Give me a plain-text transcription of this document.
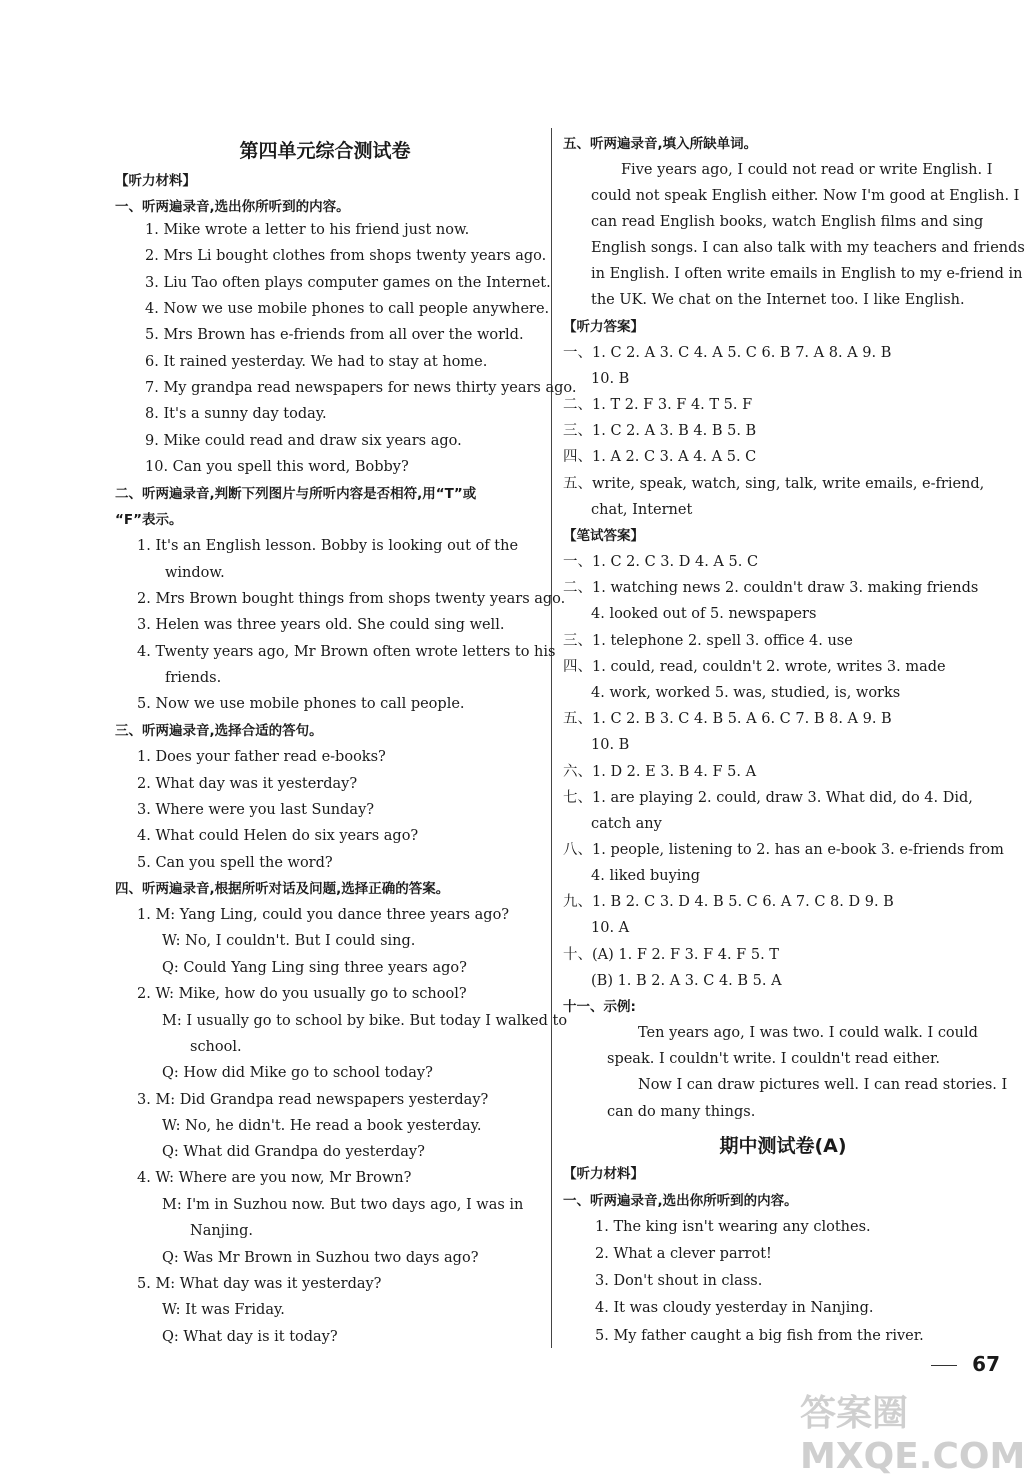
第四单元综合测试卷
【听力材料】
一、听两遍录音,选出你所听到的内容。
1. Mike wrote a letter to his friend just now.
2. Mrs Li bought clothes from shops twenty years ago.
3. Liu Tao often plays computer games on the Internet.
4. Now we use mobile phones to call people anywhere.
5. Mrs Brown has e-friends from all over the world.
6. It rained yesterday. We had to stay at home.
7. My grandpa read newspapers for news thirty years ago.
8. It's a sunny day today.
9. Mike could read and draw six years ago.
10. Can you spell this word, Bobby?
二、听两遍录音,判断下列图片与所听内容是否相符,用“T”或
“F”表示。
1. It's an English lesson. Bobby is looking out of the
window.
2. Mrs Brown bought things from shops twenty years ago.
3. Helen was three years old. She could sing well.
4. Twenty years ago, Mr Brown often wrote letters to his
friends.
5. Now we use mobile phones to call people.
三、听两遍录音,选择合适的答句。
1. Does your father read e-books?
2. What day was it yesterday?
3. Where were you last Sunday?
4. What could Helen do six years ago?
5. Can you spell the word?
四、听两遍录音,根据所听对话及问题,选择正确的答案。
1. M: Yang Ling, could you dance three years ago?
W: No, I couldn't. But I could sing.
Q: Could Yang Ling sing three years ago?
2. W: Mike, how do you usually go to school?
M: I usually go to school by bike. But today I walked to
school.
Q: How did Mike go to school today?
3. M: Did Grandpa read newspapers yesterday?
W: No, he didn't. He read a book yesterday.
Q: What did Grandpa do yesterday?
4. W: Where are you now, Mr Brown?
M: I'm in Suzhou now. But two days ago, I was in
Nanjing.
Q: Was Mr Brown in Suzhou two days ago?
5. M: What day was it yesterday?
W: It was Friday.
Q: What day is it today?
五、听两遍录音,填入所缺单词。
Five years ago, I could not read or write English. I
could not speak English either. Now I'm good at English. I
can read English books, watch English films and sing
English songs. I can also talk with my teachers and friends
in English. I often write emails in English to my e-friend in
the UK. We chat on the Internet too. I like English.
【听力答案】
一、1. C 2. A 3. C 4. A 5. C 6. B 7. A 8. A 9. B
10. B
二、1. T 2. F 3. F 4. T 5. F
三、1. C 2. A 3. B 4. B 5. B
四、1. A 2. C 3. A 4. A 5. C
五、write, speak, watch, sing, talk, write emails, e-friend,
chat, Internet
【笔试答案】
一、1. C 2. C 3. D 4. A 5. C
二、1. watching news 2. couldn't draw 3. making friends
4. looked out of 5. newspapers
三、1. telephone 2. spell 3. office 4. use
四、1. could, read, couldn't 2. wrote, writes 3. made
4. work, worked 5. was, studied, is, works
五、1. C 2. B 3. C 4. B 5. A 6. C 7. B 8. A 9. B
10. B
六、1. D 2. E 3. B 4. F 5. A
七、1. are playing 2. could, draw 3. What did, do 4. Did,
catch any
八、1. people, listening to 2. has an e-book 3. e-friends from
4. liked buying
九、1. B 2. C 3. D 4. B 5. C 6. A 7. C 8. D 9. B
10. A
十、(A) 1. F 2. F 3. F 4. F 5. T
(B) 1. B 2. A 3. C 4. B 5. A
十一、示例:
Ten years ago, I was two. I could walk. I could
speak. I couldn't write. I couldn't read either.
Now I can draw pictures well. I can read stories. I
can do many things.
期中测试卷(A)
【听力材料】
一、听两遍录音,选出你所听到的内容。
1. The king isn't wearing any clothes.
2. What a clever parrot!
3. Don't shout in class.
4. It was cloudy yesterday in Nanjing.
5. My father caught a big fish from the river.
67
答案圈 MXQE.COM
